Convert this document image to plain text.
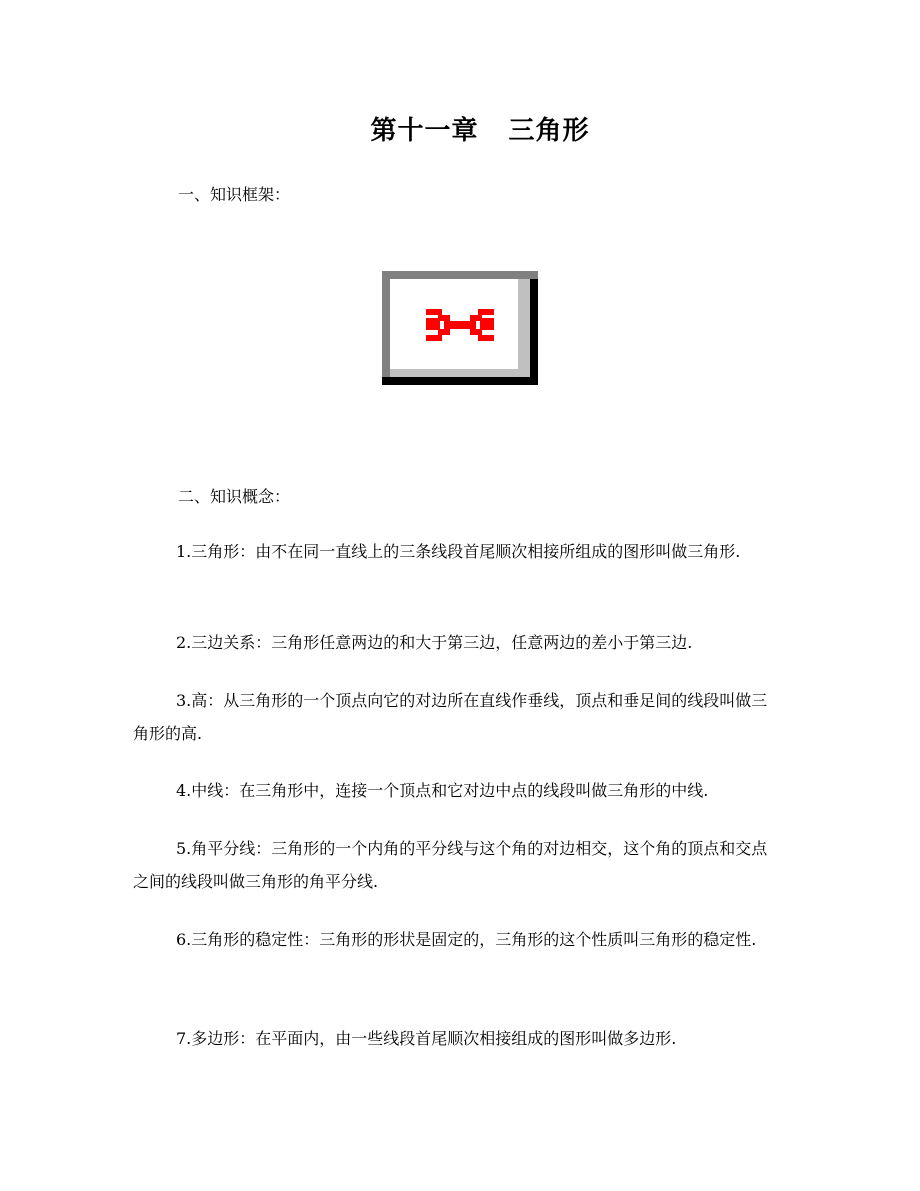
第十一章 三角形
一、知识框架：
二、知识概念：

1.三角形：由不在同一直线上的三条线段首尾顺次相接所组成的图形叫做三角形.

2.三边关系：三角形任意两边的和大于第三边，任意两边的差小于第三边.

3.高：从三角形的一个顶点向它的对边所在直线作垂线，顶点和垂足间的线段叫做三角形的高.

4.中线：在三角形中，连接一个顶点和它对边中点的线段叫做三角形的中线.

5.角平分线：三角形的一个内角的平分线与这个角的对边相交，这个角的顶点和交点之间的线段叫做三角形的角平分线.

6.三角形的稳定性：三角形的形状是固定的，三角形的这个性质叫三角形的稳定性.

7.多边形：在平面内，由一些线段首尾顺次相接组成的图形叫做多边形.
